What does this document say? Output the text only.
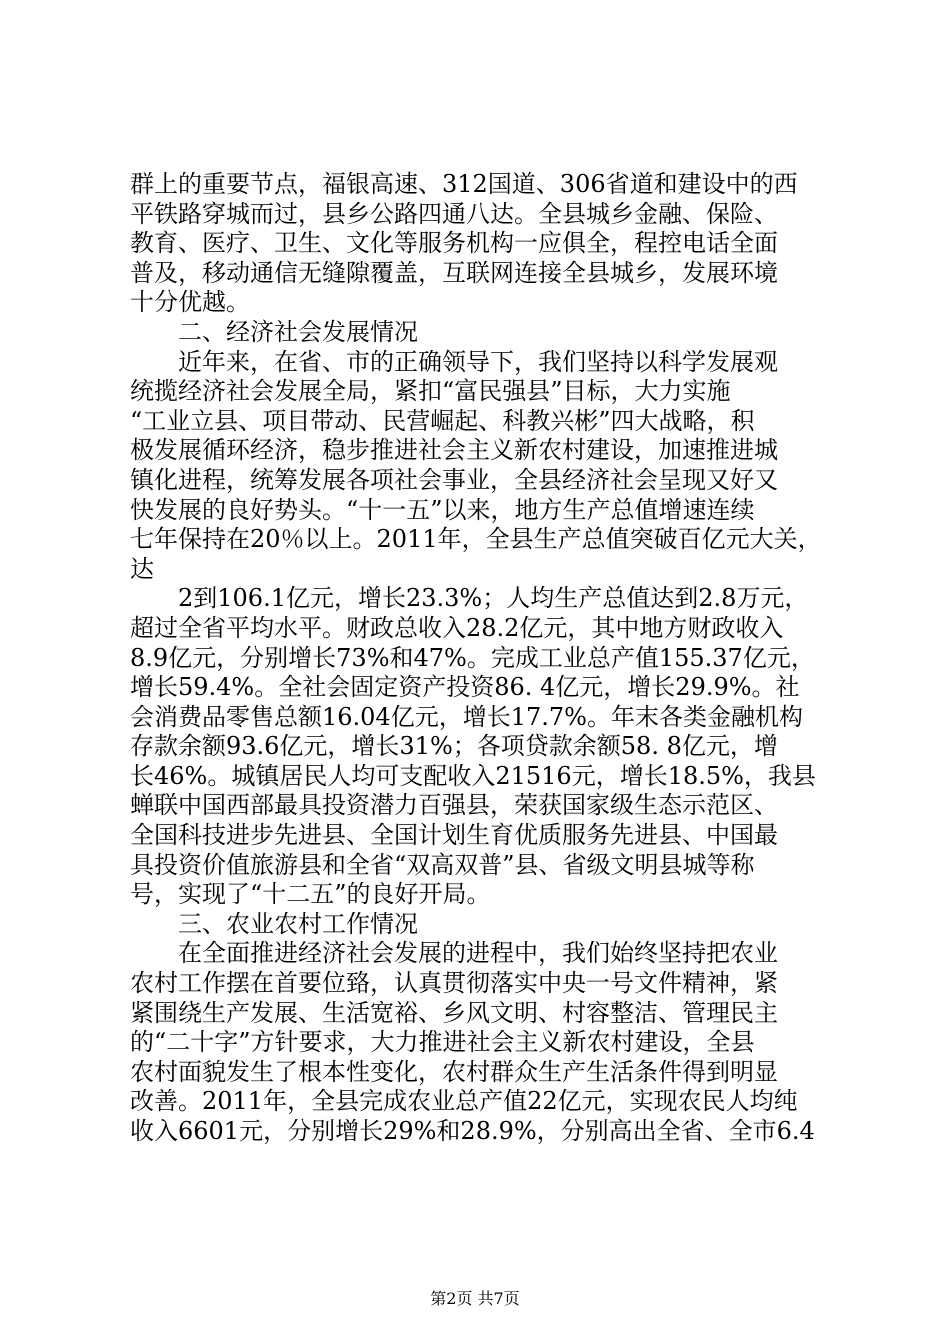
群上的重要节点，福银高速、312国道、306省道和建设中的西
平铁路穿城而过，县乡公路四通八达。全县城乡金融、保险、
教育、医疗、卫生、文化等服务机构一应俱全，程控电话全面
普及，移动通信无缝隙覆盖，互联网连接全县城乡，发展环境
十分优越。
二、经济社会发展情况
近年来，在省、市的正确领导下，我们坚持以科学发展观
统揽经济社会发展全局，紧扣“富民强县”目标，大力实施
“工业立县、项目带动、民营崛起、科教兴彬”四大战略，积
极发展循环经济，稳步推进社会主义新农村建设，加速推进城
镇化进程，统筹发展各项社会事业，全县经济社会呈现又好又
快发展的良好势头。“十一五”以来，地方生产总值增速连续
七年保持在20％以上。2011年，全县生产总值突破百亿元大关，
达
2到106.1亿元，增长23.3%；人均生产总值达到2.8万元，
超过全省平均水平。财政总收入28.2亿元，其中地方财政收入
8.9亿元，分别增长73%和47%。完成工业总产值155.37亿元，
增长59.4%。全社会固定资产投资86. 4亿元，增长29.9%。社
会消费品零售总额16.04亿元，增长17.7%。年末各类金融机构
存款余额93.6亿元，增长31%；各项贷款余额58. 8亿元，增
长46%。城镇居民人均可支配收入21516元，增长18.5%，我县
蝉联中国西部最具投资潜力百强县，荣获国家级生态示范区、
全国科技进步先进县、全国计划生育优质服务先进县、中国最
具投资价值旅游县和全省“双高双普”县、省级文明县城等称
号，实现了“十二五”的良好开局。
三、农业农村工作情况
在全面推进经济社会发展的进程中，我们始终坚持把农业
农村工作摆在首要位臵，认真贯彻落实中央一号文件精神，紧
紧围绕生产发展、生活宽裕、乡风文明、村容整洁、管理民主
的“二十字”方针要求，大力推进社会主义新农村建设，全县
农村面貌发生了根本性变化，农村群众生产生活条件得到明显
改善。2011年，全县完成农业总产值22亿元，实现农民人均纯
收入6601元，分别增长29%和28.9%，分别高出全省、全市6.4
第2页 共7页
